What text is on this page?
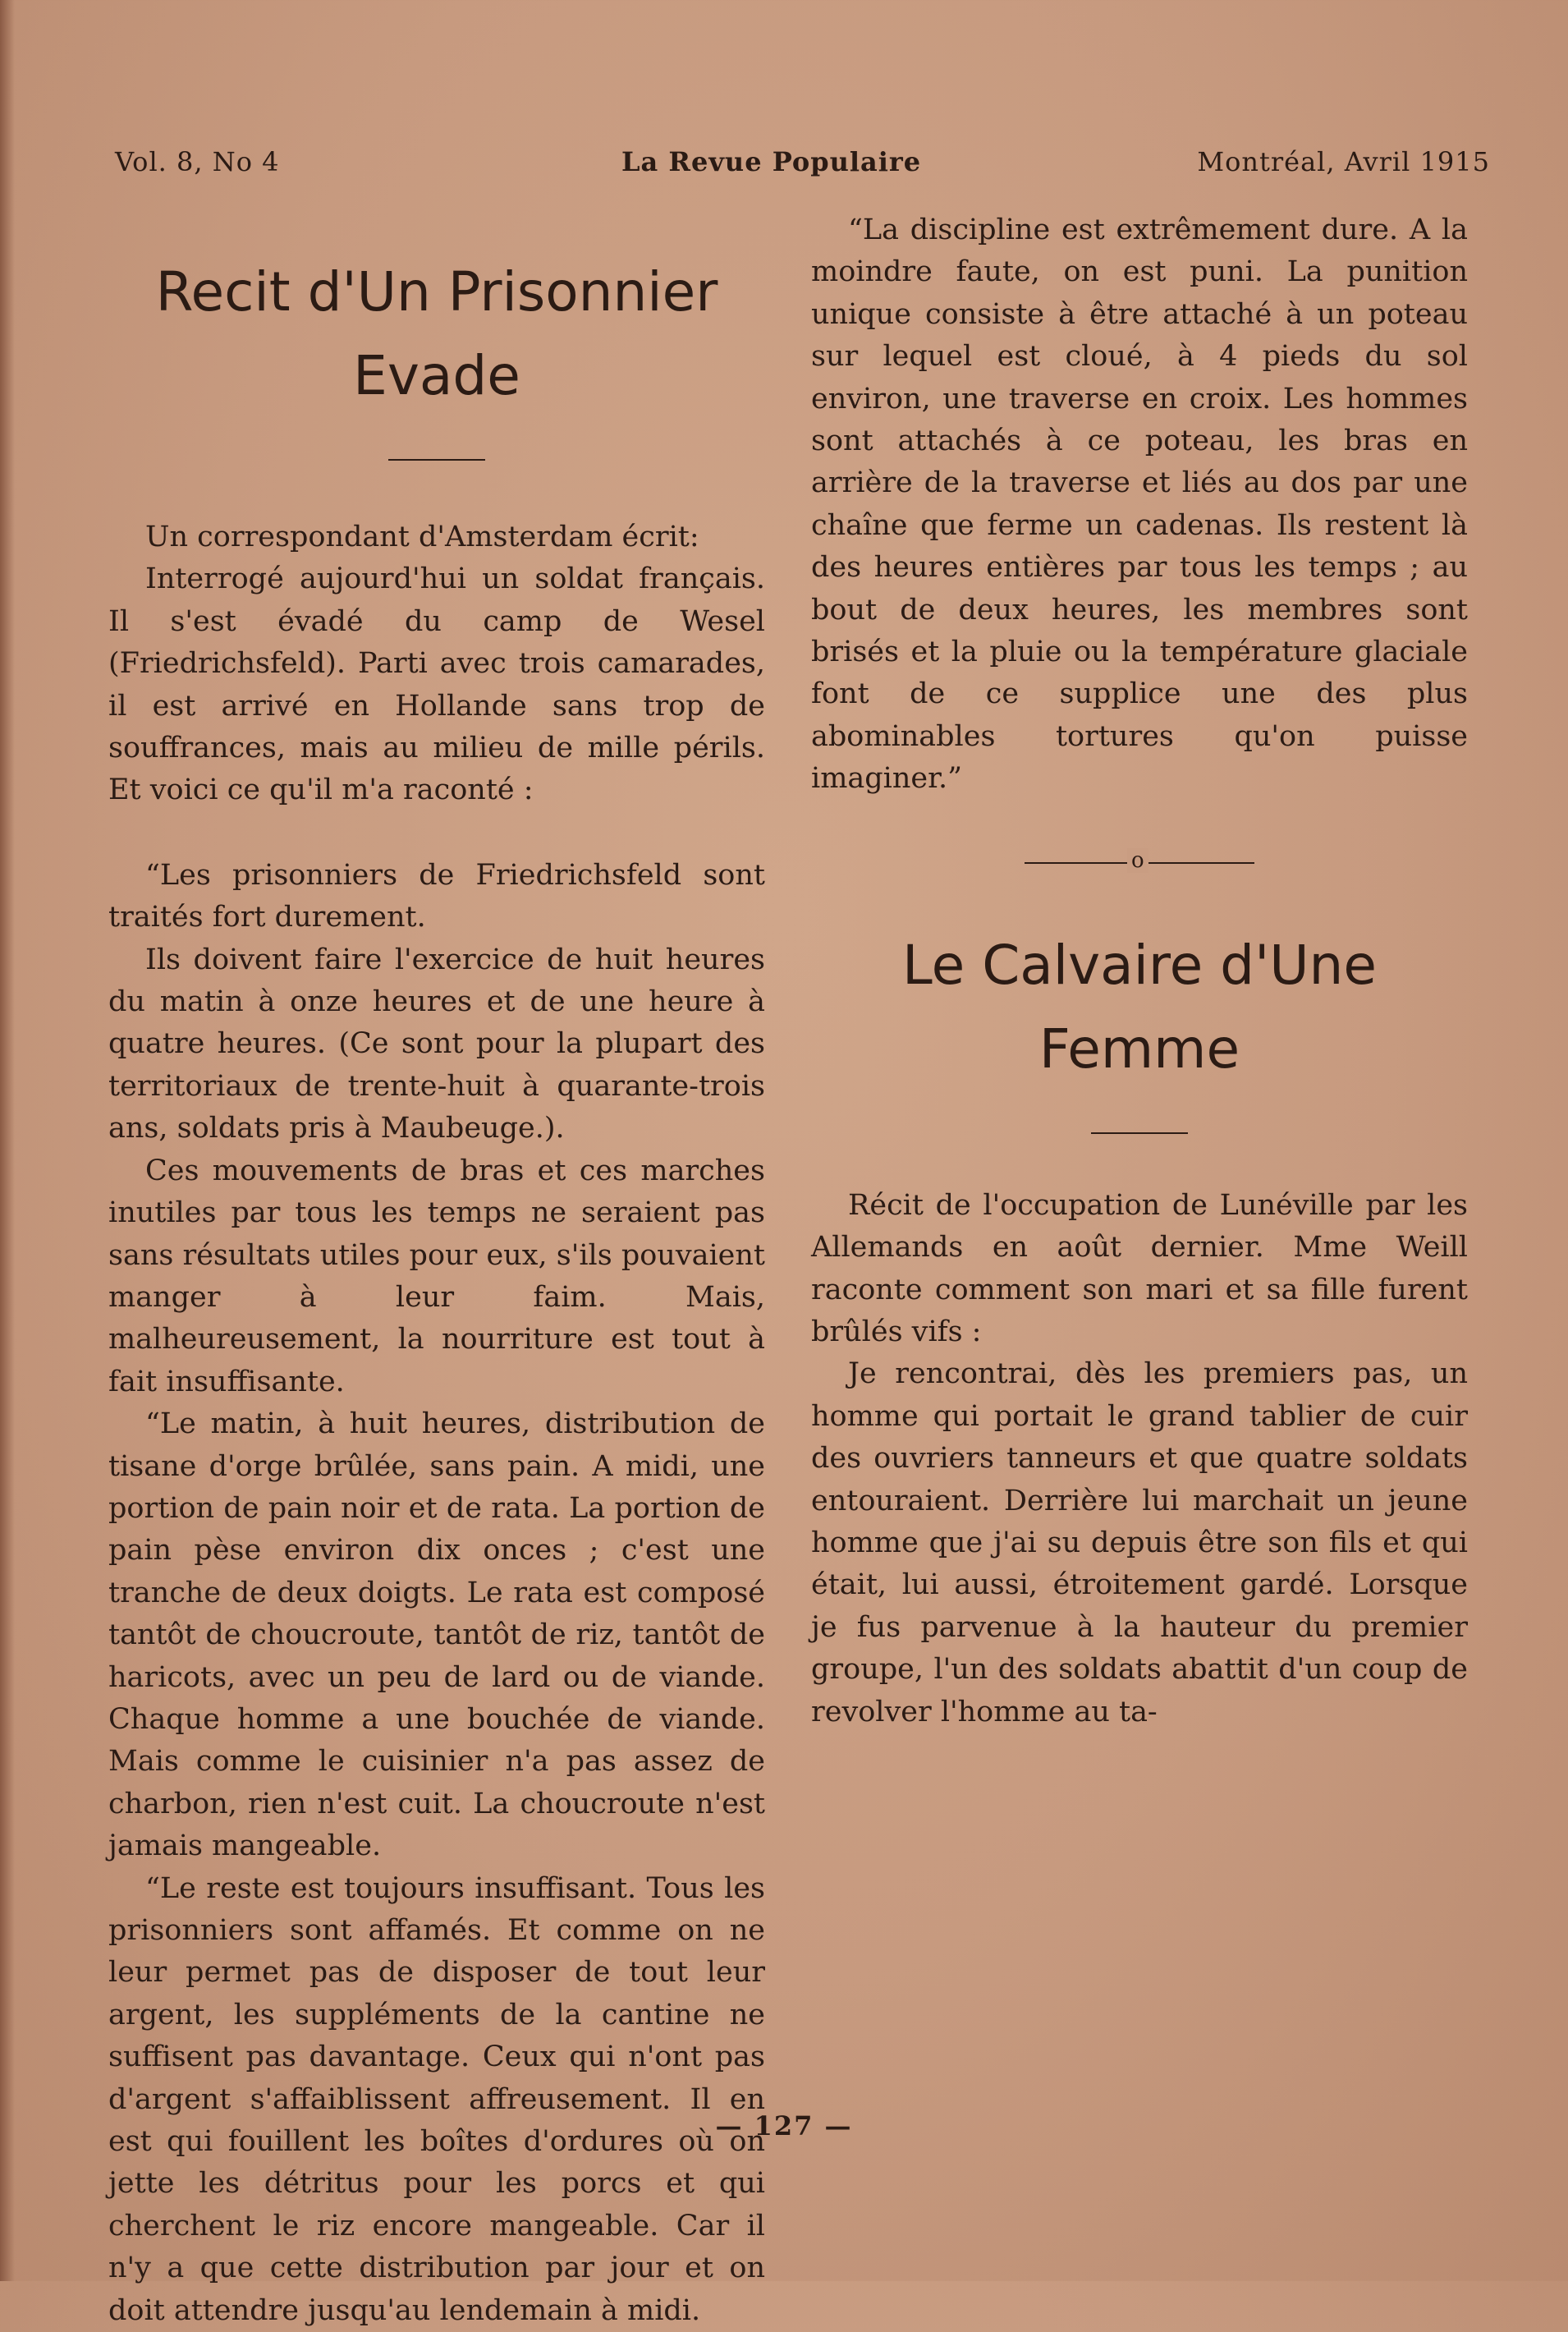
Vol. 8, No 4	La Revue Populaire	Montréal, Avril 1915
Recit d'Un Prisonnier
Evade

Un correspondant d'Amsterdam écrit:

Interrogé aujourd'hui un soldat français. Il s'est évadé du camp de Wesel (Friedrichsfeld). Parti avec trois camarades, il est arrivé en Hollande sans trop de souffrances, mais au milieu de mille périls. Et voici ce qu'il m'a raconté :

“Les prisonniers de Friedrichsfeld sont traités fort durement.

Ils doivent faire l'exercice de huit heures du matin à onze heures et de une heure à quatre heures. (Ce sont pour la plupart des territoriaux de trente-huit à quarante-trois ans, soldats pris à Maubeuge.).

Ces mouvements de bras et ces marches inutiles par tous les temps ne seraient pas sans résultats utiles pour eux, s'ils pouvaient manger à leur faim. Mais, malheureusement, la nourriture est tout à fait insuffisante.

“Le matin, à huit heures, distribution de tisane d'orge brûlée, sans pain. A midi, une portion de pain noir et de rata. La portion de pain pèse environ dix onces ; c'est une tranche de deux doigts. Le rata est composé tantôt de choucroute, tantôt de riz, tantôt de haricots, avec un peu de lard ou de viande. Chaque homme a une bouchée de viande. Mais comme le cuisinier n'a pas assez de charbon, rien n'est cuit. La choucroute n'est jamais mangeable.

“Le reste est toujours insuffisant. Tous les prisonniers sont affamés. Et comme on ne leur permet pas de disposer de tout leur argent, les suppléments de la cantine ne suffisent pas davantage. Ceux qui n'ont pas d'argent s'affaiblissent affreusement. Il en est qui fouillent les boîtes d'ordures où on jette les détritus pour les porcs et qui cherchent le riz encore mangeable. Car il n'y a que cette distribution par jour et on doit attendre jusqu'au lendemain à midi.

“La discipline est extrêmement dure. A la moindre faute, on est puni. La punition unique consiste à être attaché à un poteau sur lequel est cloué, à 4 pieds du sol environ, une traverse en croix. Les hommes sont attachés à ce poteau, les bras en arrière de la traverse et liés au dos par une chaîne que ferme un cadenas. Ils restent là des heures entières par tous les temps ; au bout de deux heures, les membres sont brisés et la pluie ou la température glaciale font de ce supplice une des plus abominables tortures qu'on puisse imaginer.”

o
Le Calvaire d'Une
Femme

Récit de l'occupation de Lunéville par les Allemands en août dernier. Mme Weill raconte comment son mari et sa fille furent brûlés vifs :

Je rencontrai, dès les premiers pas, un homme qui portait le grand tablier de cuir des ouvriers tanneurs et que quatre soldats entouraient. Derrière lui marchait un jeune homme que j'ai su depuis être son fils et qui était, lui aussi, étroitement gardé. Lorsque je fus parvenue à la hauteur du premier groupe, l'un des soldats abattit d'un coup de revolver l'homme au ta-

— 127 —
